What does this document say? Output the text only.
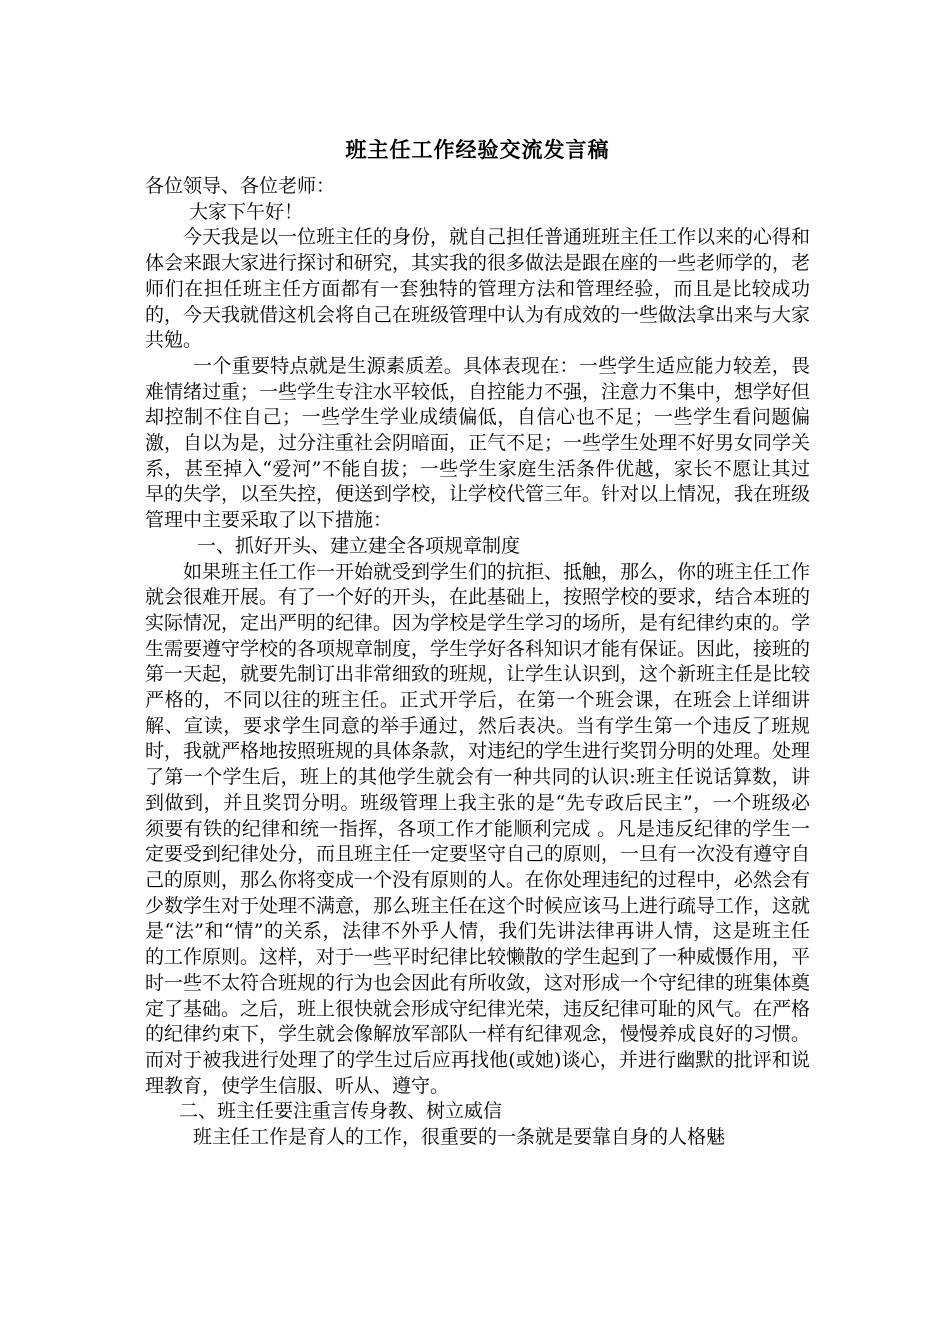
班主任工作经验交流发言稿

各位领导、各位老师：

大家下午好！

今天我是以一位班主任的身份，就自己担任普通班班主任工作以来的心得和体会来跟大家进行探讨和研究，其实我的很多做法是跟在座的一些老师学的，老师们在担任班主任方面都有一套独特的管理方法和管理经验，而且是比较成功的，今天我就借这机会将自己在班级管理中认为有成效的一些做法拿出来与大家共勉。

一个重要特点就是生源素质差。具体表现在：一些学生适应能力较差，畏难情绪过重；一些学生专注水平较低，自控能力不强，注意力不集中，想学好但却控制不住自己；一些学生学业成绩偏低，自信心也不足；一些学生看问题偏激，自以为是，过分注重社会阴暗面，正气不足；一些学生处理不好男女同学关系，甚至掉入“爱河”不能自拔；一些学生家庭生活条件优越，家长不愿让其过早的失学，以至失控，便送到学校，让学校代管三年。针对以上情况，我在班级管理中主要采取了以下措施：

一、抓好开头、建立建全各项规章制度

如果班主任工作一开始就受到学生们的抗拒、抵触，那么，你的班主任工作就会很难开展。有了一个好的开头，在此基础上，按照学校的要求，结合本班的实际情况，定出严明的纪律。因为学校是学生学习的场所，是有纪律约束的。学生需要遵守学校的各项规章制度，学生学好各科知识才能有保证。因此，接班的第一天起，就要先制订出非常细致的班规，让学生认识到，这个新班主任是比较严格的，不同以往的班主任。正式开学后，在第一个班会课，在班会上详细讲解、宣读，要求学生同意的举手通过，然后表决。当有学生第一个违反了班规时，我就严格地按照班规的具体条款，对违纪的学生进行奖罚分明的处理。处理了第一个学生后，班上的其他学生就会有一种共同的认识:班主任说话算数，讲到做到，并且奖罚分明。班级管理上我主张的是“先专政后民主”，一个班级必须要有铁的纪律和统一指挥，各项工作才能顺利完成 。凡是违反纪律的学生一定要受到纪律处分，而且班主任一定要坚守自己的原则，一旦有一次没有遵守自己的原则，那么你将变成一个没有原则的人。在你处理违纪的过程中，必然会有少数学生对于处理不满意，那么班主任在这个时候应该马上进行疏导工作，这就是“法”和“情”的关系，法律不外乎人情，我们先讲法律再讲人情，这是班主任的工作原则。这样，对于一些平时纪律比较懒散的学生起到了一种威慑作用，平时一些不太符合班规的行为也会因此有所收敛，这对形成一个守纪律的班集体奠定了基础。之后，班上很快就会形成守纪律光荣，违反纪律可耻的风气。在严格的纪律约束下，学生就会像解放军部队一样有纪律观念，慢慢养成良好的习惯。而对于被我进行处理了的学生过后应再找他(或她)谈心，并进行幽默的批评和说理教育，使学生信服、听从、遵守。

二、班主任要注重言传身教、树立威信

班主任工作是育人的工作，很重要的一条就是要靠自身的人格魅
